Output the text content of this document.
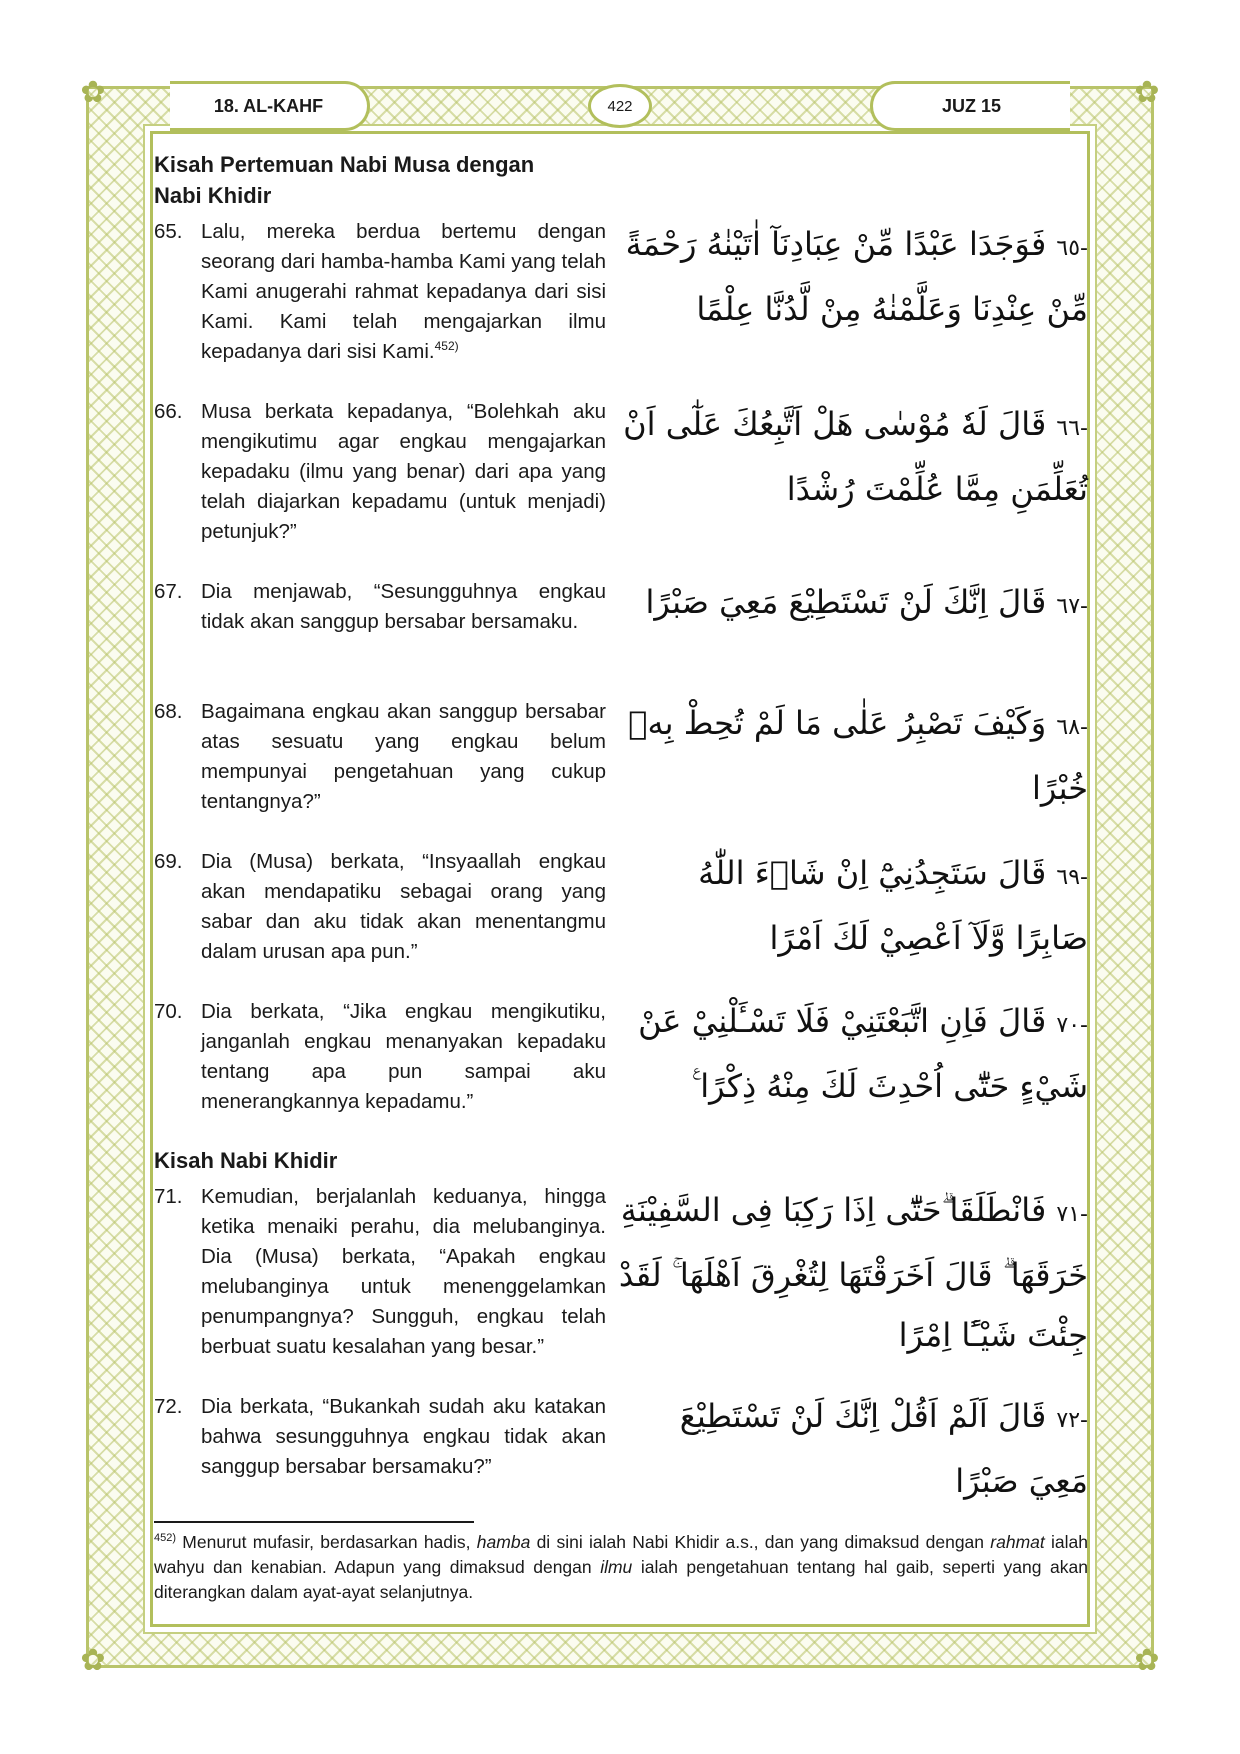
✿	✿
✿	✿
18. AL-KAHF	422	JUZ 15
Kisah Pertemuan Nabi Musa dengan
Nabi Khidir
65. Lalu, mereka berdua bertemu dengan seorang dari hamba-hamba Kami yang telah Kami anugerahi rahmat kepadanya dari sisi Kami. Kami telah mengajarkan ilmu kepadanya dari sisi Kami.$^{452)}$
-٦٥ فَوَجَدَا عَبْدًا مِّنْ عِبَادِنَآ اٰتَيْنٰهُ رَحْمَةً مِّنْ عِنْدِنَا وَعَلَّمْنٰهُ مِنْ لَّدُنَّا عِلْمًا
66. Musa berkata kepadanya, “Bolehkah aku mengikutimu agar engkau mengajarkan kepadaku (ilmu yang benar) dari apa yang telah diajarkan kepadamu (untuk menjadi) petunjuk?”
-٦٦ قَالَ لَهٗ مُوْسٰى هَلْ اَتَّبِعُكَ عَلٰٓى اَنْ تُعَلِّمَنِ مِمَّا عُلِّمْتَ رُشْدًا
67. Dia menjawab, “Sesungguhnya engkau tidak akan sanggup bersabar bersamaku.
-٦٧ قَالَ اِنَّكَ لَنْ تَسْتَطِيْعَ مَعِيَ صَبْرًا
68. Bagaimana engkau akan sanggup bersabar atas sesuatu yang engkau belum mempunyai pengetahuan yang cukup tentangnya?”
-٦٨ وَكَيْفَ تَصْبِرُ عَلٰى مَا لَمْ تُحِطْ بِهٖ خُبْرًا
69. Dia (Musa) berkata, “Insyaallah engkau akan mendapatiku sebagai orang yang sabar dan aku tidak akan menentangmu dalam urusan apa pun.”
-٦٩ قَالَ سَتَجِدُنِيْٓ اِنْ شَاۤءَ اللّٰهُ صَابِرًا وَّلَآ اَعْصِيْ لَكَ اَمْرًا
70. Dia berkata, “Jika engkau mengikutiku, janganlah engkau menanyakan kepadaku tentang apa pun sampai aku menerangkannya kepadamu.”
-٧٠ قَالَ فَاِنِ اتَّبَعْتَنِيْ فَلَا تَسْـَٔلْنِيْ عَنْ شَيْءٍ حَتّٰٓى اُحْدِثَ لَكَ مِنْهُ ذِكْرًا ࣖ
Kisah Nabi Khidir
71. Kemudian, berjalanlah keduanya, hingga ketika menaiki perahu, dia melubanginya. Dia (Musa) berkata, “Apakah engkau melubanginya untuk menenggelamkan penumpangnya? Sungguh, engkau telah berbuat suatu kesalahan yang besar.”
-٧١ فَانْطَلَقَا ۗحَتّٰٓى اِذَا رَكِبَا فِى السَّفِيْنَةِ خَرَقَهَا ۗ قَالَ اَخَرَقْتَهَا لِتُغْرِقَ اَهْلَهَا ۚ لَقَدْ جِئْتَ شَيْـًٔا اِمْرًا
72. Dia berkata, “Bukankah sudah aku katakan bahwa sesungguhnya engkau tidak akan sanggup bersabar bersamaku?”
-٧٢ قَالَ اَلَمْ اَقُلْ اِنَّكَ لَنْ تَسْتَطِيْعَ مَعِيَ صَبْرًا
$^{452)}$ Menurut mufasir, berdasarkan hadis, hamba di sini ialah Nabi Khidir a.s., dan yang dimaksud dengan rahmat ialah wahyu dan kenabian. Adapun yang dimaksud dengan ilmu ialah pengetahuan tentang hal gaib, seperti yang akan diterangkan dalam ayat-ayat selanjutnya.
